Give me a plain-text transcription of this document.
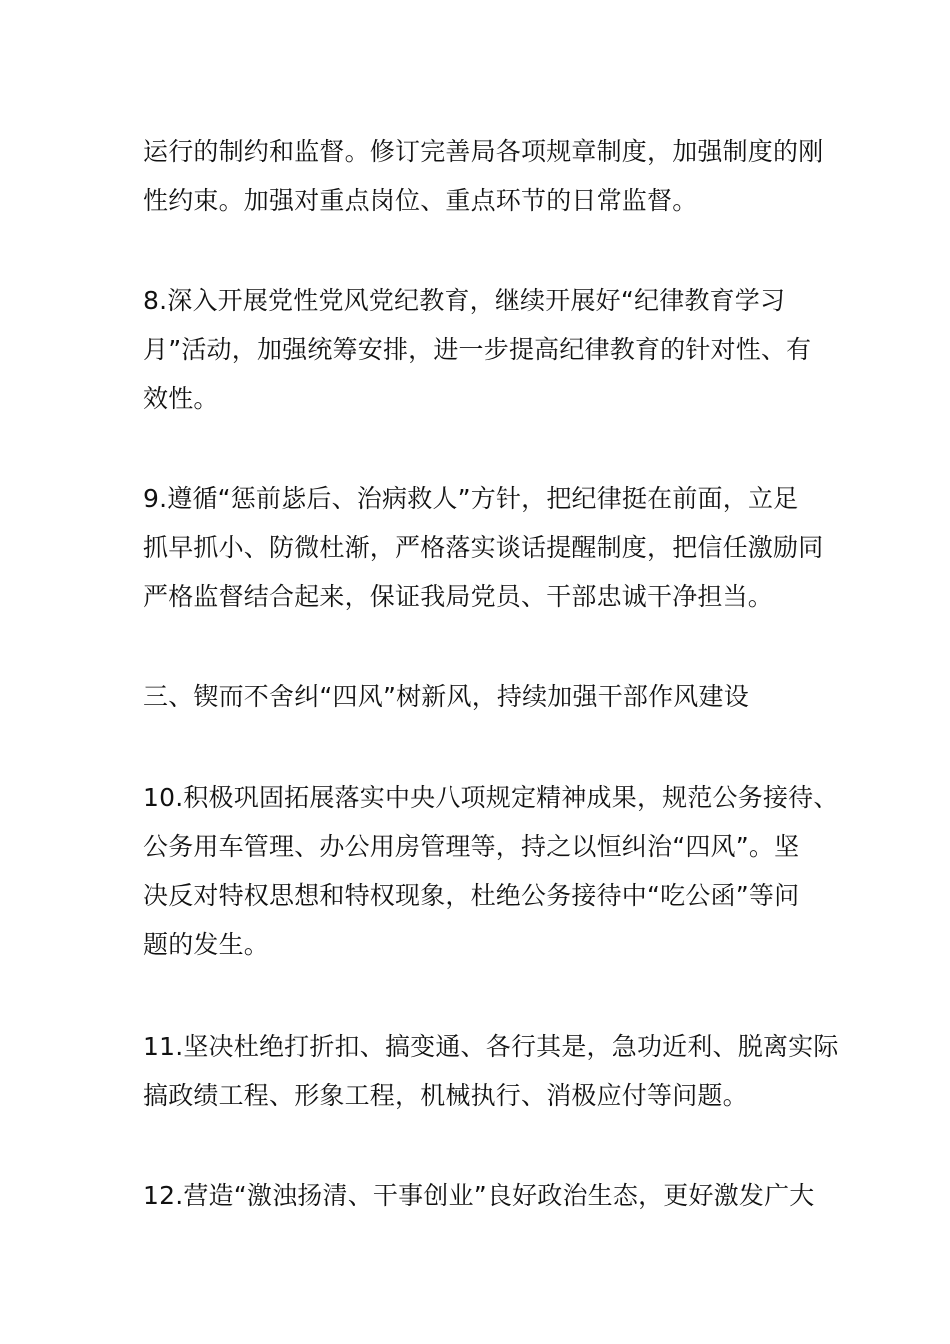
运行的制约和监督。修订完善局各项规章制度，加强制度的刚
性约束。加强对重点岗位、重点环节的日常监督。

8.深入开展党性党风党纪教育，继续开展好“纪律教育学习
月”活动，加强统筹安排，进一步提高纪律教育的针对性、有
效性。

9.遵循“惩前毖后、治病救人”方针，把纪律挺在前面，立足
抓早抓小、防微杜渐，严格落实谈话提醒制度，把信任激励同
严格监督结合起来，保证我局党员、干部忠诚干净担当。

三、锲而不舍纠“四风”树新风，持续加强干部作风建设

10.积极巩固拓展落实中央八项规定精神成果，规范公务接待、
公务用车管理、办公用房管理等，持之以恒纠治“四风”。坚
决反对特权思想和特权现象，杜绝公务接待中“吃公函”等问
题的发生。

11.坚决杜绝打折扣、搞变通、各行其是，急功近利、脱离实际
搞政绩工程、形象工程，机械执行、消极应付等问题。

12.营造“激浊扬清、干事创业”良好政治生态，更好激发广大
